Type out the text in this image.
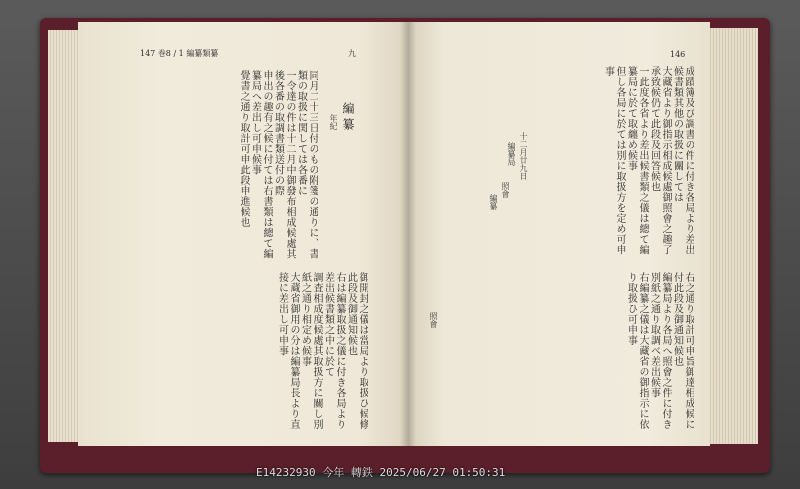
147 巻8 / 1 編纂類纂	九
編纂
年紀

同月二十三日付のもの附箋の通りに、書類の取扱に関しては各番に

一令達の件は十二月中御發布相成候處其後各番の取調書類送付の際

申出の趣有之候に付ては右書類は總て編纂局へ差出し可申候事

覺書之通り取計可申此段申進候也

御開封之儀は當局より取扱ひ候條此段及御通知候也

右は編纂取扱之儀に付き各局より差出候書類之中に於て

調査相成度候處其取扱方に關し別紙之通り相定め候事

大蔵省御用の分は編纂局長より直接に差出し可申事

146

成蹟簿及び調書の件に付き各局より差出候書類其他の取扱に關しては

大藏省より御指示相成候處御照會之趣了承致候仍て此段及回答候也

一此度各省より差出候書類之儀は總て編纂局に於て取纏め候事

但し各局に於ては別に取扱方を定め可申事

照會
編纂
十二月廿九日
編纂局
照會	右之通り取計可申旨御達相成候に付此段及御通知候也

編纂局より各局へ照會之件に付き別紙之通り取調べ差出候事

右編纂之儀は大藏省の御指示に依り取扱ひ可申事

E14232930 今年 轉鉄 2025/06/27 01:50:31
